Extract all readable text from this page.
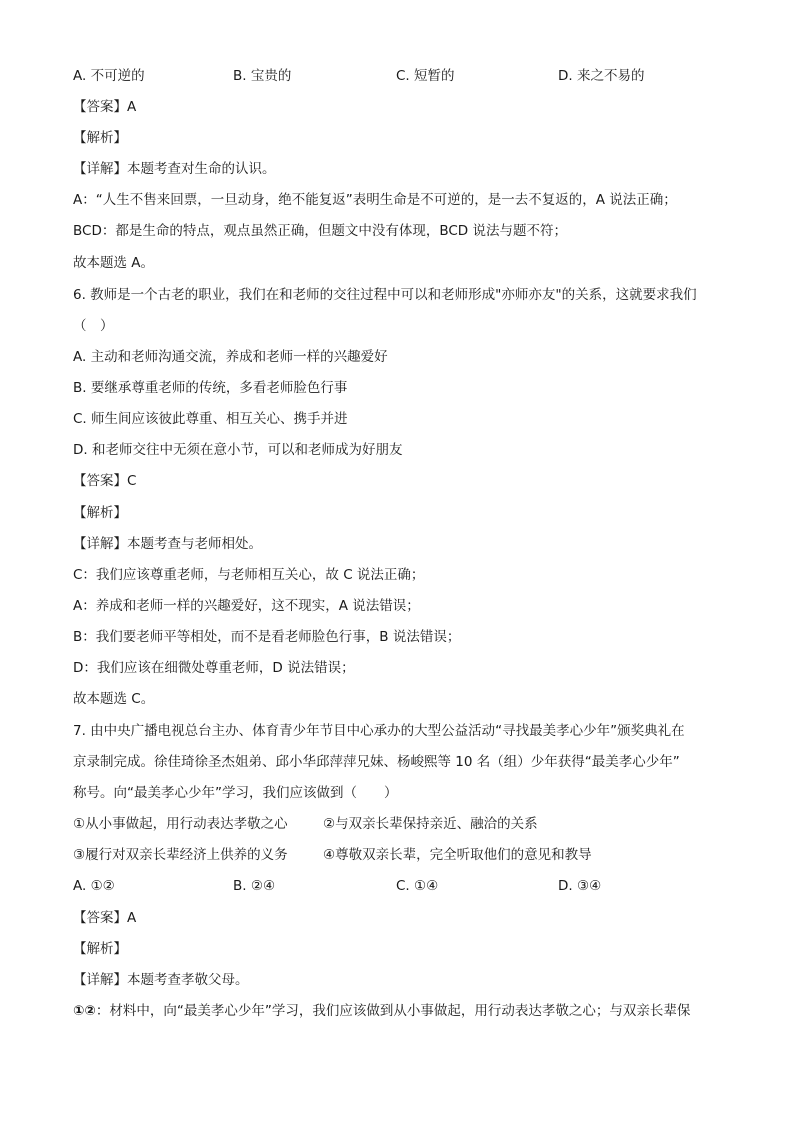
A. 不可逆的	B. 宝贵的	C. 短暂的	D. 来之不易的
【答案】A
【解析】
【详解】本题考查对生命的认识。
A：“人生不售来回票，一旦动身，绝不能复返”表明生命是不可逆的，是一去不复返的，A 说法正确；
BCD：都是生命的特点，观点虽然正确，但题文中没有体现，BCD 说法与题不符；
故本题选 A。
6. 教师是一个古老的职业，我们在和老师的交往过程中可以和老师形成"亦师亦友"的关系，这就要求我们
（　）
A. 主动和老师沟通交流，养成和老师一样的兴趣爱好
B. 要继承尊重老师的传统，多看老师脸色行事
C. 师生间应该彼此尊重、相互关心、携手并进
D. 和老师交往中无须在意小节，可以和老师成为好朋友
【答案】C
【解析】
【详解】本题考查与老师相处。
C：我们应该尊重老师，与老师相互关心，故 C 说法正确；
A：养成和老师一样的兴趣爱好，这不现实，A 说法错误；
B：我们要老师平等相处，而不是看老师脸色行事，B 说法错误；
D：我们应该在细微处尊重老师，D 说法错误；
故本题选 C。
7. 由中央广播电视总台主办、体育青少年节目中心承办的大型公益活动“寻找最美孝心少年”颁奖典礼在
京录制完成。徐佳琦徐圣杰姐弟、邱小华邱萍萍兄妹、杨峻熙等 10 名（组）少年获得“最美孝心少年”
称号。向“最美孝心少年”学习，我们应该做到（　　）
①从小事做起，用行动表达孝敬之心	②与双亲长辈保持亲近、融洽的关系
③履行对双亲长辈经济上供养的义务	④尊敬双亲长辈，完全听取他们的意见和教导
A. ①②	B. ②④	C. ①④	D. ③④
【答案】A
【解析】
【详解】本题考查孝敬父母。
①②：材料中，向“最美孝心少年”学习，我们应该做到从小事做起，用行动表达孝敬之心；与双亲长辈保
